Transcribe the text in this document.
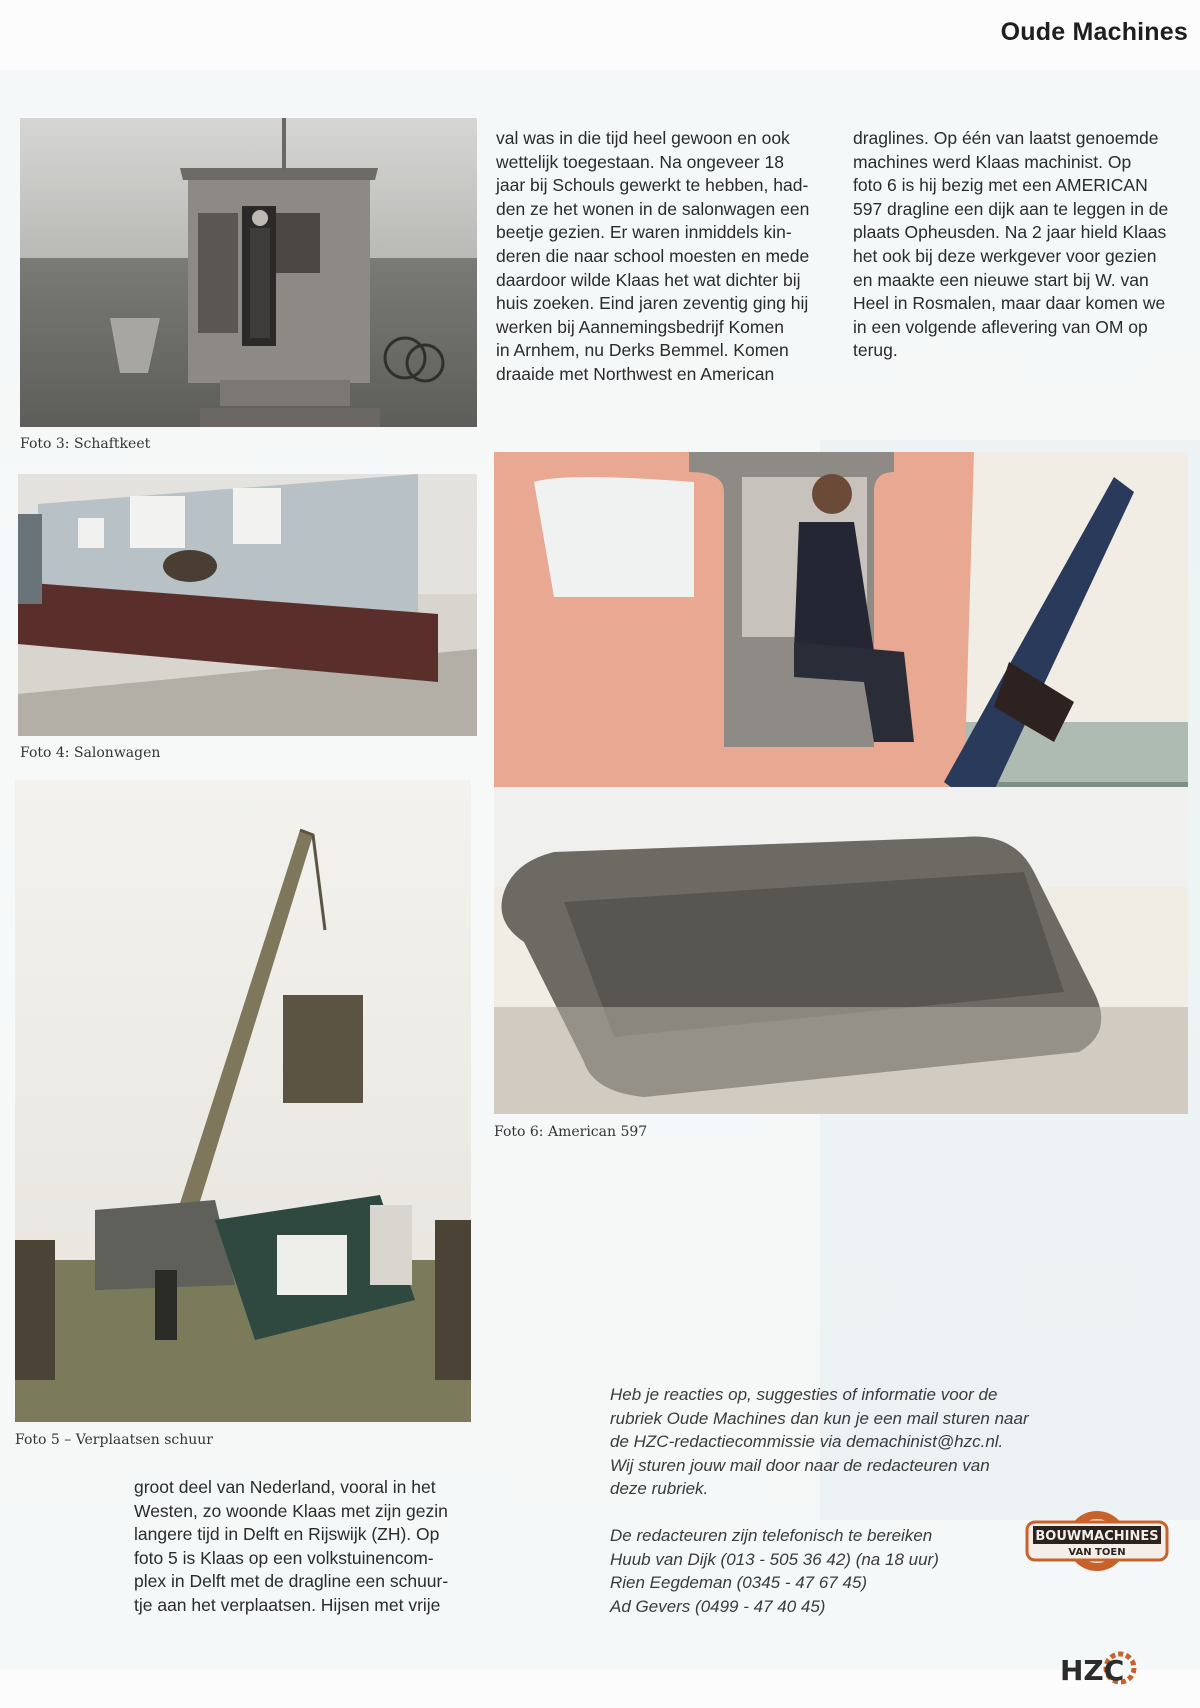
Oude Machines
Foto 3: Schaftkeet
Foto 4: Salonwagen
Foto 5 – Verplaatsen schuur
Foto 6: American 597
val was in die tijd heel gewoon en ook
wettelijk toegestaan. Na ongeveer 18
jaar bij Schouls gewerkt te hebben, had-
den ze het wonen in de salonwagen een
beetje gezien. Er waren inmiddels kin-
deren die naar school moesten en mede
daardoor wilde Klaas het wat dichter bij
huis zoeken. Eind jaren zeventig ging hij
werken bij Aannemingsbedrijf Komen
in Arnhem, nu Derks Bemmel. Komen
draaide met Northwest en American
draglines. Op één van laatst genoemde
machines werd Klaas machinist. Op
foto 6 is hij bezig met een AMERICAN
597 dragline een dijk aan te leggen in de
plaats Opheusden. Na 2 jaar hield Klaas
het ook bij deze werkgever voor gezien
en maakte een nieuwe start bij W. van
Heel in Rosmalen, maar daar komen we
in een volgende aflevering van OM op
terug.
groot deel van Nederland, vooral in het
Westen, zo woonde Klaas met zijn gezin
langere tijd in Delft en Rijswijk (ZH). Op
foto 5 is Klaas op een volkstuinencom-
plex in Delft met de dragline een schuur-
tje aan het verplaatsen. Hijsen met vrije
Heb je reacties op, suggesties of informatie voor de
rubriek Oude Machines dan kun je een mail sturen naar
de HZC-redactiecommissie via demachinist@hzc.nl.
Wij sturen jouw mail door naar de redacteuren van
deze rubriek.
De redacteuren zijn telefonisch te bereiken
Huub van Dijk (013 - 505 36 42) (na 18 uur)
Rien Eegdeman (0345 - 47 67 45)
Ad Gevers (0499 - 47 40 45)
BOUWMACHINES
VAN TOEN
HZC
